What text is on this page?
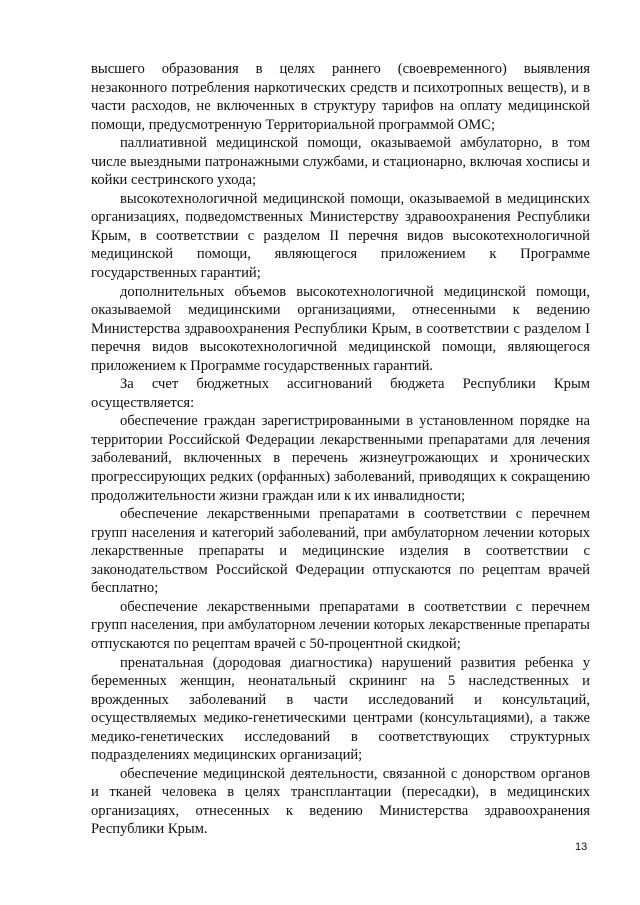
высшего образования в целях раннего (своевременного) выявления незаконного потребления наркотических средств и психотропных веществ), и в части расходов, не включенных в структуру тарифов на оплату медицинской помощи, предусмотренную Территориальной программой ОМС;

паллиативной медицинской помощи, оказываемой амбулаторно, в том числе выездными патронажными службами, и стационарно, включая хосписы и койки сестринского ухода;

высокотехнологичной медицинской помощи, оказываемой в медицинских организациях, подведомственных Министерству здравоохранения Республики Крым, в соответствии с разделом II перечня видов высокотехнологичной медицинской помощи, являющегося приложением к Программе государственных гарантий;

дополнительных объемов высокотехнологичной медицинской помощи, оказываемой медицинскими организациями, отнесенными к ведению Министерства здравоохранения Республики Крым, в соответствии с разделом I перечня видов высокотехнологичной медицинской помощи, являющегося приложением к Программе государственных гарантий.

За счет бюджетных ассигнований бюджета Республики Крым осуществляется:

обеспечение граждан зарегистрированными в установленном порядке на территории Российской Федерации лекарственными препаратами для лечения заболеваний, включенных в перечень жизнеугрожающих и хронических прогрессирующих редких (орфанных) заболеваний, приводящих к сокращению продолжительности жизни граждан или к их инвалидности;

обеспечение лекарственными препаратами в соответствии с перечнем групп населения и категорий заболеваний, при амбулаторном лечении которых лекарственные препараты и медицинские изделия в соответствии с законодательством Российской Федерации отпускаются по рецептам врачей бесплатно;

обеспечение лекарственными препаратами в соответствии с перечнем групп населения, при амбулаторном лечении которых лекарственные препараты отпускаются по рецептам врачей с 50-процентной скидкой;

пренатальная (дородовая диагностика) нарушений развития ребенка у беременных женщин, неонатальный скрининг на 5 наследственных и врожденных заболеваний в части исследований и консультаций, осуществляемых медико-генетическими центрами (консультациями), а также медико-генетических исследований в соответствующих структурных подразделениях медицинских организаций;

обеспечение медицинской деятельности, связанной с донорством органов и тканей человека в целях трансплантации (пересадки), в медицинских организациях, отнесенных к ведению Министерства здравоохранения Республики Крым.

13
